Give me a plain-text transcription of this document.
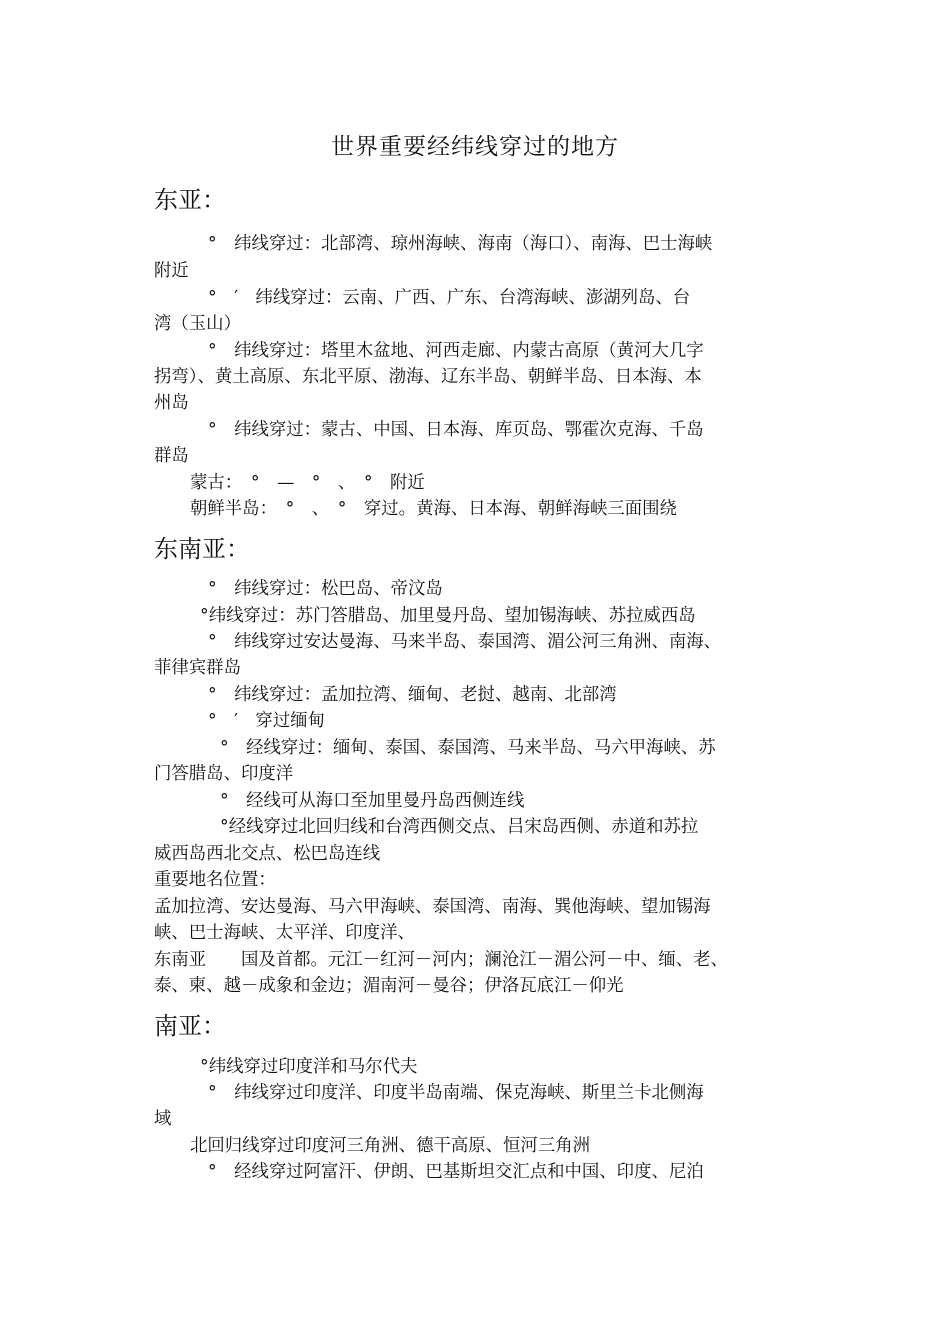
世界重要经纬线穿过的地方
东亚：
°　纬线穿过：北部湾、琼州海峡、海南（海口）、南海、巴士海峡
附近
°　′　纬线穿过：云南、广西、广东、台湾海峡、澎湖列岛、台
湾（玉山）
°　纬线穿过：塔里木盆地、河西走廊、内蒙古高原（黄河大几字
拐弯）、黄土高原、东北平原、渤海、辽东半岛、朝鲜半岛、日本海、本
州岛
°　纬线穿过：蒙古、中国、日本海、库页岛、鄂霍次克海、千岛
群岛
蒙古：　°　—　°　、　°　附近
朝鲜半岛：　°　、　°　穿过。黄海、日本海、朝鲜海峡三面围绕
东南亚：
°　纬线穿过：松巴岛、帝汶岛
°纬线穿过：苏门答腊岛、加里曼丹岛、望加锡海峡、苏拉威西岛
°　纬线穿过安达曼海、马来半岛、泰国湾、湄公河三角洲、南海、
菲律宾群岛
°　纬线穿过：孟加拉湾、缅甸、老挝、越南、北部湾
°　′　穿过缅甸
°　经线穿过：缅甸、泰国、泰国湾、马来半岛、马六甲海峡、苏
门答腊岛、印度洋
°　经线可从海口至加里曼丹岛西侧连线
°经线穿过北回归线和台湾西侧交点、吕宋岛西侧、赤道和苏拉
威西岛西北交点、松巴岛连线
重要地名位置：
孟加拉湾、安达曼海、马六甲海峡、泰国湾、南海、巽他海峡、望加锡海
峡、巴士海峡、太平洋、印度洋、
东南亚　　国及首都。元江－红河－河内；澜沧江－湄公河－中、缅、老、
泰、柬、越－成象和金边；湄南河－曼谷；伊洛瓦底江－仰光
南亚：
°纬线穿过印度洋和马尔代夫
°　纬线穿过印度洋、印度半岛南端、保克海峡、斯里兰卡北侧海
域
北回归线穿过印度河三角洲、德干高原、恒河三角洲
°　经线穿过阿富汗、伊朗、巴基斯坦交汇点和中国、印度、尼泊
